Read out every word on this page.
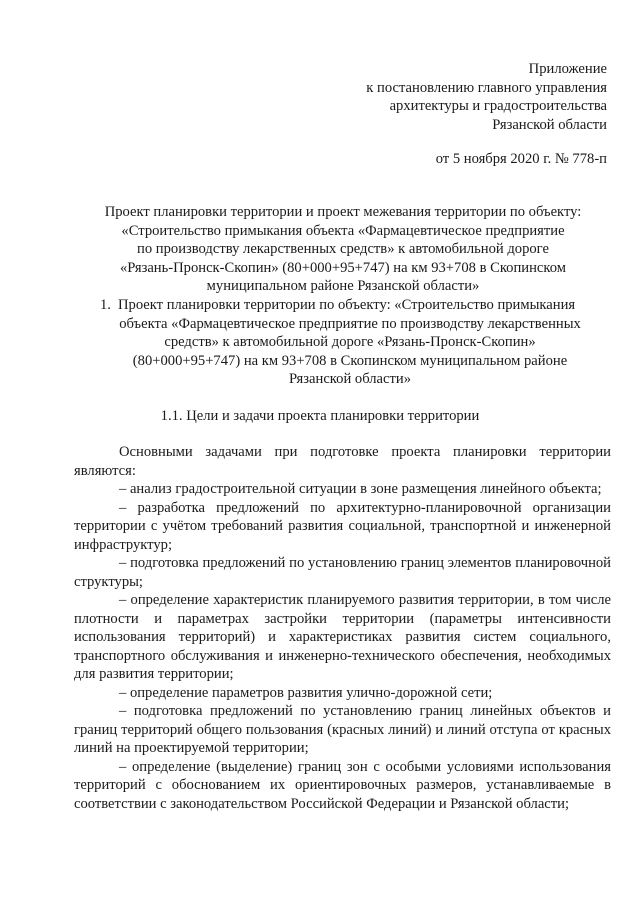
Приложение
к постановлению главного управления
архитектуры и градостроительства
Рязанской области
от 5 ноября 2020 г. № 778-п
Проект планировки территории и проект межевания территории по объекту:
«Строительство примыкания объекта «Фармацевтическое предприятие
по производству лекарственных средств» к автомобильной дороге
«Рязань-Пронск-Скопин» (80+000+95+747) на км 93+708 в Скопинском
муниципальном районе Рязанской области»
1. Проект планировки территории по объекту: «Строительство примыкания
объекта «Фармацевтическое предприятие по производству лекарственных
средств» к автомобильной дороге «Рязань-Пронск-Скопин»
(80+000+95+747) на км 93+708 в Скопинском муниципальном районе
Рязанской области»
1.1. Цели и задачи проекта планировки территории

Основными задачами при подготовке проекта планировки территории являются:

– анализ градостроительной ситуации в зоне размещения линейного объекта;

– разработка предложений по архитектурно-планировочной организации территории с учётом требований развития социальной, транспортной и инженерной инфраструктур;

– подготовка предложений по установлению границ элементов планировочной структуры;

– определение характеристик планируемого развития территории, в том числе плотности и параметрах застройки территории (параметры интенсивности использования территорий) и характеристиках развития систем социального, транспортного обслуживания и инженерно-технического обеспечения, необходимых для развития территории;

– определение параметров развития улично-дорожной сети;

– подготовка предложений по установлению границ линейных объектов и границ территорий общего пользования (красных линий) и линий отступа от красных линий на проектируемой территории;

– определение (выделение) границ зон с особыми условиями использования территорий с обоснованием их ориентировочных размеров, устанавливаемые в соответствии с законодательством Российской Федерации и Рязанской области;
